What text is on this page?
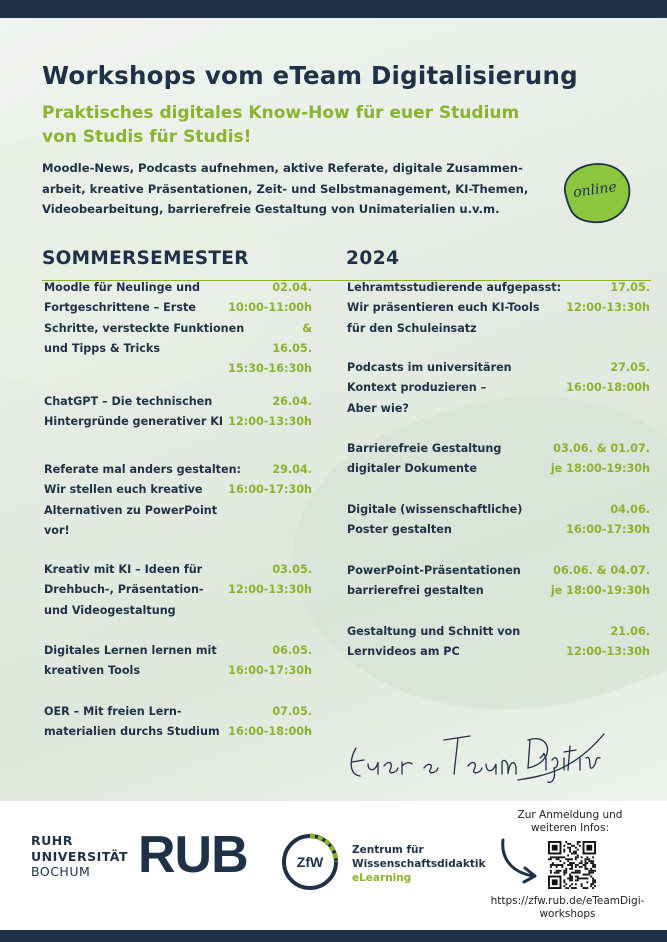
Workshops vom eTeam Digitalisierung
Praktisches digitales Know-How für euer Studium
von Studis für Studis!
Moodle-News, Podcasts aufnehmen, aktive Referate, digitale Zusammen-
arbeit, kreative Präsentationen, Zeit- und Selbstmanagement, KI-Themen,
Videobearbeitung, barrierefreie Gestaltung von Unimaterialien u.v.m.
online
SOMMERSEMESTER	2024
Moodle für Neulinge und
Fortgeschrittene – Erste
Schritte, versteckte Funktionen
und Tipps & Tricks
02.04.
10:00-11:00h
&
16.05.
15:30-16:30h
ChatGPT – Die technischen
Hintergründe generativer KI
26.04.
12:00-13:30h
Referate mal anders gestalten:
Wir stellen euch kreative
Alternativen zu PowerPoint
vor!
29.04.
16:00-17:30h
Kreativ mit KI – Ideen für
Drehbuch-, Präsentation-
und Videogestaltung
03.05.
12:00-13:30h
Digitales Lernen lernen mit
kreativen Tools
06.05.
16:00-17:30h
OER – Mit freien Lern-
materialien durchs Studium
07.05.
16:00-18:00h
Lehramtsstudierende aufgepasst:
Wir präsentieren euch KI-Tools
für den Schuleinsatz
17.05.
12:00-13:30h
Podcasts im universitären
Kontext produzieren –
Aber wie?
27.05.
16:00-18:00h
Barrierefreie Gestaltung
digitaler Dokumente
03.06. & 01.07.
je 18:00-19:30h
Digitale (wissenschaftliche)
Poster gestalten
04.06.
16:00-17:30h
PowerPoint-Präsentationen
barrierefrei gestalten
06.06. & 04.07.
je 18:00-19:30h
Gestaltung und Schnitt von
Lernvideos am PC
21.06.
12:00-13:30h
RUHR
UNIVERSITÄT
BOCHUM RUB	ZfW
Zentrum für
Wissenschaftsdidaktik
eLearning
Zur Anmeldung und
weiteren Infos:
https://zfw.rub.de/eTeamDigi-
workshops
